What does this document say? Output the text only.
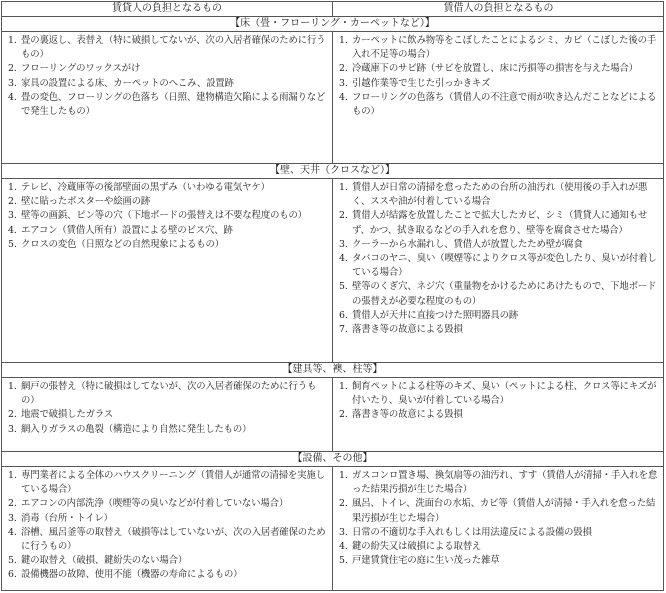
賃貸人の負担となるもの	賃借人の負担となるもの
【床（畳・フローリング・カーペットなど）】
1. 畳の裏返し、表替え（特に破損してないが、次の入居者確保のために行うもの）
2. フローリングのワックスがけ
3. 家具の設置による床、カーペットのへこみ、設置跡
4. 畳の変色、フローリングの色落ち（日照、建物構造欠陥による雨漏りなどで発生したもの）
1. カーペットに飲み物等をこぼしたことによるシミ、カビ（こぼした後の手入れ不足等の場合）
2. 冷蔵庫下のサビ跡（サビを放置し、床に汚損等の損害を与えた場合）
3. 引越作業等で生じた引っかきキズ
4. フローリングの色落ち（賃借人の不注意で雨が吹き込んだことなどによるもの）
【壁、天井（クロスなど）】
1. テレビ、冷蔵庫等の後部壁面の黒ずみ（いわゆる電気ヤケ）
2. 壁に貼ったポスターや絵画の跡
3. 壁等の画鋲、ピン等の穴（下地ボードの張替えは不要な程度のもの）
4. エアコン（賃借人所有）設置による壁のビス穴、跡
5. クロスの変色（日照などの自然現象によるもの）
1. 賃借人が日常の清掃を怠ったための台所の油汚れ（使用後の手入れが悪く、ススや油が付着している場合
2. 賃借人が結露を放置したことで拡大したカビ、シミ（賃貸人に通知もせず、かつ、拭き取るなどの手入れを怠り、壁等を腐食させた場合）
3. クーラーから水漏れし、賃借人が放置したため壁が腐食
4. タバコのヤニ、臭い（喫煙等によりクロス等が変色したり、臭いが付着している場合）
5. 壁等のくぎ穴、ネジ穴（重量物をかけるためにあけたもので、下地ボードの張替えが必要な程度のもの）
6. 賃借人が天井に直接つけた照明器具の跡
7. 落書き等の故意による毀損
【建具等、襖、柱等】
1. 網戸の張替え（特に破損はしてないが、次の入居者確保のために行うもの）
2. 地震で破損したガラス
3. 網入りガラスの亀裂（構造により自然に発生したもの）
1. 飼育ペットによる柱等のキズ、臭い（ペットによる柱、クロス等にキズが付いたり、臭いが付着している場合）
2. 落書き等の故意による毀損
【設備、その他】
1. 専門業者による全体のハウスクリーニング（賃借人が通常の清掃を実施している場合）
2. エアコンの内部洗浄（喫煙等の臭いなどが付着していない場合）
3. 消毒（台所・トイレ）
4. 浴槽、風呂釜等の取替え（破損等はしていないが、次の入居者確保のために行うもの）
5. 鍵の取替え（破損、鍵紛失のない場合）
6. 設備機器の故障、使用不能（機器の寿命によるもの）
1. ガスコンロ置き場、換気扇等の油汚れ、すす（賃借人が清掃・手入れを怠った結果汚損が生じた場合）
2. 風呂、トイレ、洗面台の水垢、カビ等（賃借人が清掃・手入れを怠った結果汚損が生じた場合）
3. 日常の不適切な手入れもしくは用法違反による設備の毀損
4. 鍵の紛失又は破損による取替え
5. 戸建賃貸住宅の庭に生い茂った雑草
